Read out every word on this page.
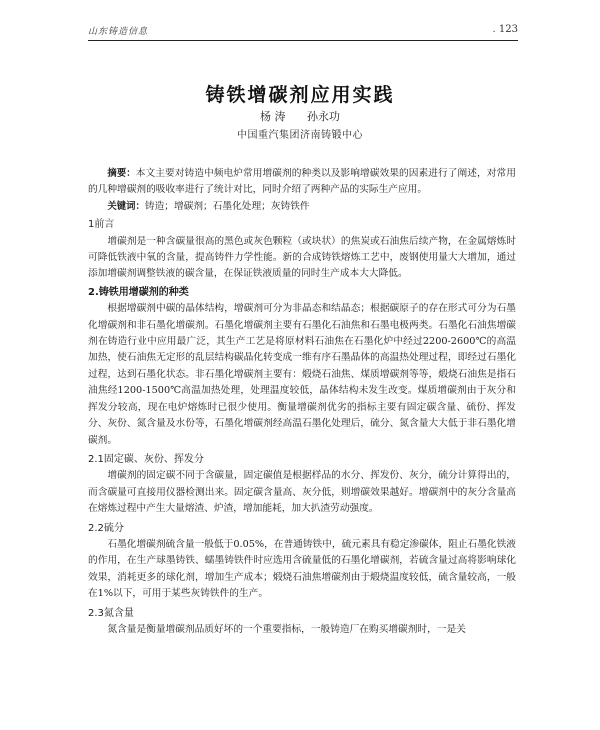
山东铸造信息	. 123
铸铁增碳剂应用实践
杨 涛 孙永功
中国重汽集团济南铸锻中心

摘要：本文主要对铸造中频电炉常用增碳剂的种类以及影响增碳效果的因素进行了阐述，对常用的几种增碳剂的吸收率进行了统计对比，同时介绍了两种产品的实际生产应用。

关键词：铸造；增碳剂；石墨化处理；灰铸铁件

1前言

增碳剂是一种含碳量很高的黑色或灰色颗粒（或块状）的焦炭或石油焦后续产物，在金属熔炼时可降低铁液中氧的含量，提高铸件力学性能。新的合成铸铁熔炼工艺中，废钢使用量大大增加，通过添加增碳剂调整铁液的碳含量，在保证铁液质量的同时生产成本大大降低。

2.铸铁用增碳剂的种类

根据增碳剂中碳的晶体结构，增碳剂可分为非晶态和结晶态；根据碳原子的存在形式可分为石墨化增碳剂和非石墨化增碳剂。石墨化增碳剂主要有石墨化石油焦和石墨电极两类。石墨化石油焦增碳剂在铸造行业中应用最广泛，其生产工艺是将原材料石油焦在石墨化炉中经过2200-2600℃的高温加热，使石油焦无定形的乱层结构碳晶化转变成一维有序石墨晶体的高温热处理过程，即经过石墨化过程，达到石墨化状态。非石墨化增碳剂主要有：煅烧石油焦、煤质增碳剂等等，煅烧石油焦是指石油焦经1200-1500℃高温加热处理，处理温度较低，晶体结构未发生改变。煤质增碳剂由于灰分和挥发分较高，现在电炉熔炼时已很少使用。衡量增碳剂优劣的指标主要有固定碳含量、硫份、挥发分、灰份、氮含量及水份等，石墨化增碳剂经高温石墨化处理后，硫分、氮含量大大低于非石墨化增碳剂。

2.1固定碳、灰份、挥发分

增碳剂的固定碳不同于含碳量，固定碳值是根据样品的水分、挥发份、灰分，硫分计算得出的，而含碳量可直接用仪器检测出来。固定碳含量高、灰分低，则增碳效果越好。增碳剂中的灰分含量高在熔炼过程中产生大量熔渣、炉渣，增加能耗，加大扒渣劳动强度。

2.2硫分

石墨化增碳剂硫含量一般低于0.05%，在普通铸铁中，硫元素具有稳定渗碳体，阻止石墨化铁液的作用，在生产球墨铸铁、蠕墨铸铁件时应选用含硫量低的石墨化增碳剂，若硫含量过高将影响球化效果，消耗更多的球化剂，增加生产成本；煅烧石油焦增碳剂由于煅烧温度较低，硫含量较高，一般在1%以下，可用于某些灰铸铁件的生产。

2.3氮含量

氮含量是衡量增碳剂品质好坏的一个重要指标，一般铸造厂在购买增碳剂时，一是关
